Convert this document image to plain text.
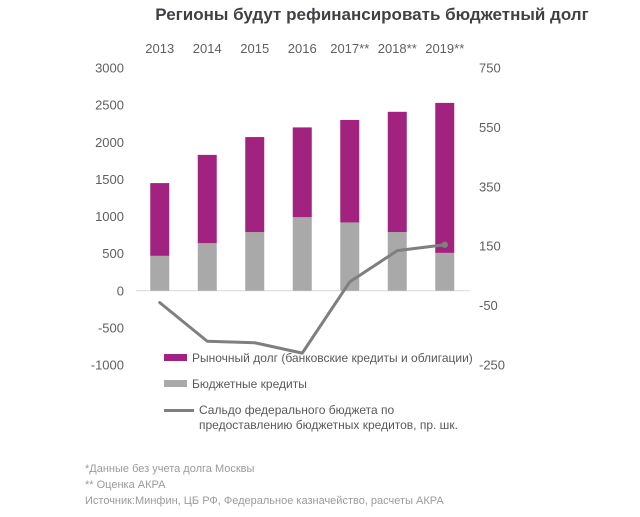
Регионы будут рефинансировать бюджетный долг
3000
2500
2000
1500
1000
500
0
-500
-1000
750
550
350
150
-50
-250
2013 2014 2015 2016 2017** 2018** 2019**
Рыночный долг (банковские кредиты и облигации)
Бюджетные кредиты
Сальдо федерального бюджета по предоставлению бюджетных кредитов, пр. шк.
*Данные без учета долга Москвы
** Оценка АКРА
Источник:Минфин, ЦБ РФ, Федеральное казначейство, расчеты АКРА
